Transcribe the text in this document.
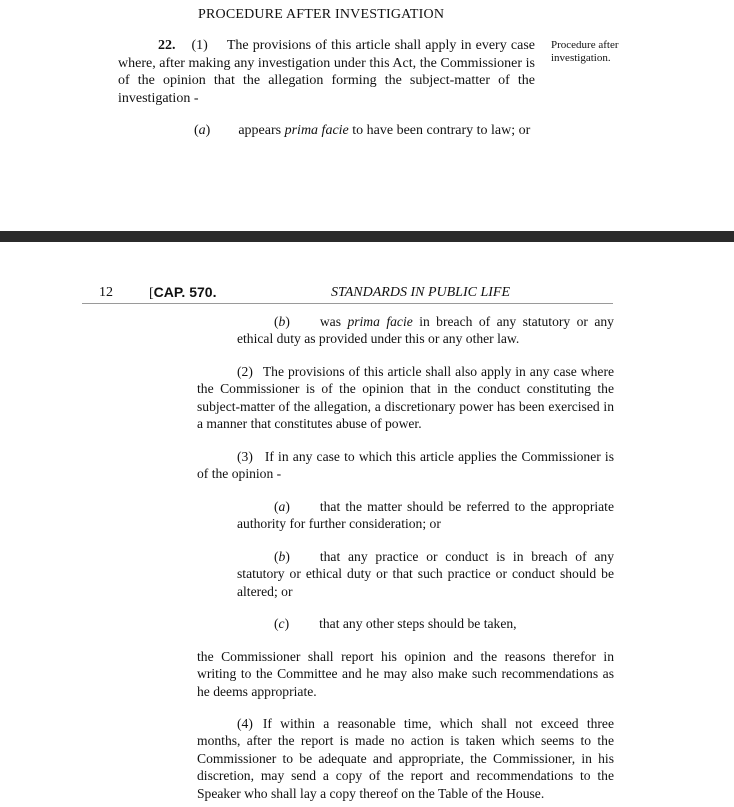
PROCEDURE AFTER INVESTIGATION
Procedure after investigation.
22. (1) The provisions of this article shall apply in every case where, after making any investigation under this Act, the Commissioner is of the opinion that the allegation forming the subject-matter of the investigation -
(a) appears prima facie to have been contrary to law; or
12	[CAP. 570.	STANDARDS IN PUBLIC LIFE
(b) was prima facie in breach of any statutory or any ethical duty as provided under this or any other law.
(2) The provisions of this article shall also apply in any case where the Commissioner is of the opinion that in the conduct constituting the subject-matter of the allegation, a discretionary power has been exercised in a manner that constitutes abuse of power.
(3) If in any case to which this article applies the Commissioner is of the opinion -
(a) that the matter should be referred to the appropriate authority for further consideration; or
(b) that any practice or conduct is in breach of any statutory or ethical duty or that such practice or conduct should be altered; or
(c) that any other steps should be taken,
the Commissioner shall report his opinion and the reasons therefor in writing to the Committee and he may also make such recommendations as he deems appropriate.
(4) If within a reasonable time, which shall not exceed three months, after the report is made no action is taken which seems to the Commissioner to be adequate and appropriate, the Commissioner, in his discretion, may send a copy of the report and recommendations to the Speaker who shall lay a copy thereof on the Table of the House.
